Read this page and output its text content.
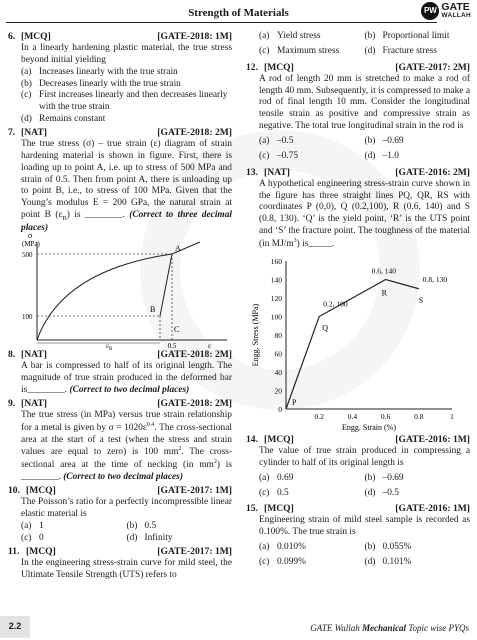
Strength of Materials	PW GATE
WALLAH
6. [MCQ]	[GATE-2018: 1M]
In a linearly hardening plastic material, the true stress beyond initial yielding
(a) Increases linearly with the true strain
(b) Decreases linearly with the true strain
(c) First increases linearly and then decreases linearly with the true strain
(d) Remains constant
7. [NAT]	[GATE-2018: 2M]
The true stress (σ) – true strain (ε) diagram of strain hardening material is shown in figure. First, there is loading up to point A, i.e. up to stress of 500 MPa and strain of 0.5. Then from point A, there is unloading up to point B, i.e., to stress of 100 MPa. Given that the Young’s modulus E = 200 GPa, the natural strain at point B $(\varepsilon_B)$ is ________. (Correct to three decimal places)
σ
(MPa)
500
100
A
B
C
0.5	ε
$\varepsilon_B$
8. [NAT]	[GATE-2018: 2M]
A bar is compressed to half of its original length. The magnitude of true strain produced in the deformed bar is________. (Correct to two decimal places)
9. [NAT]	[GATE-2018: 2M]
The true stress (in MPa) versus true strain relationship for a metal is given by $\sigma = 1020\varepsilon^{0.4}$. The cross-sectional area at the start of a test (when the stress and strain values are equal to zero) is 100 $mm^2$. The cross-sectional area at the time of necking (in $mm^2$) is ________. (Correct to two decimal places)
10. [MCQ]	[GATE-2017: 1M]
The Poisson’s ratio for a perfectly incompressible linear elastic material is
(a) 1	(b) 0.5
(c) 0	(d) Infinity
11. [MCQ]	[GATE-2017: 1M]
In the engineering stress-strain curve for mild steel, the Ultimate Tensile Strength (UTS) refers to
(a) Yield stress	(b) Proportional limit
(c) Maximum stress	(d) Fracture stress
12. [MCQ]	[GATE-2017: 2M]
A rod of length 20 mm is stretched to make a rod of length 40 mm. Subsequently, it is compressed to make a rod of final length 10 mm. Consider the longitudinal tensile strain as positive and compressive strain as negative. The total true longitudinal strain in the rod is
(a) –0.5	(b) –0.69
(c) –0.75	(d) –1.0
13. [NAT]	[GATE-2016: 2M]
A hypothetical engineering stress-strain curve shown in the figure has three straight lines PQ, QR, RS with coordinates P (0,0), Q (0.2,100), R (0.6, 140) and S (0.8, 130). ‘Q’ is the yield point, ‘R’ is the UTS point and ‘S’ the fracture point. The toughness of the material (in $MJ/m^3$) is_____.
0
20
40
60
80
100
120
140
160
0.2	0.4	0.6	0.8	1
Engg. Strain (%)
Engg. Stress (MPa)
P
Q
R
S
0.2, 100
0.6, 140
0.8, 130
14. [MCQ]	[GATE-2016: 1M]
The value of true strain produced in compressing a cylinder to half of its original length is
(a) 0.69	(b) –0.69
(c) 0.5	(d) –0.5
15. [MCQ]	[GATE-2016: 1M]
Engineering strain of mild steel sample is recorded as 0.100%. The true strain is
(a) 0.010%	(b) 0.055%
(c) 0.099%	(d) 0.101%
2.2	GATE Wallah Mechanical Topic wise PYQs
